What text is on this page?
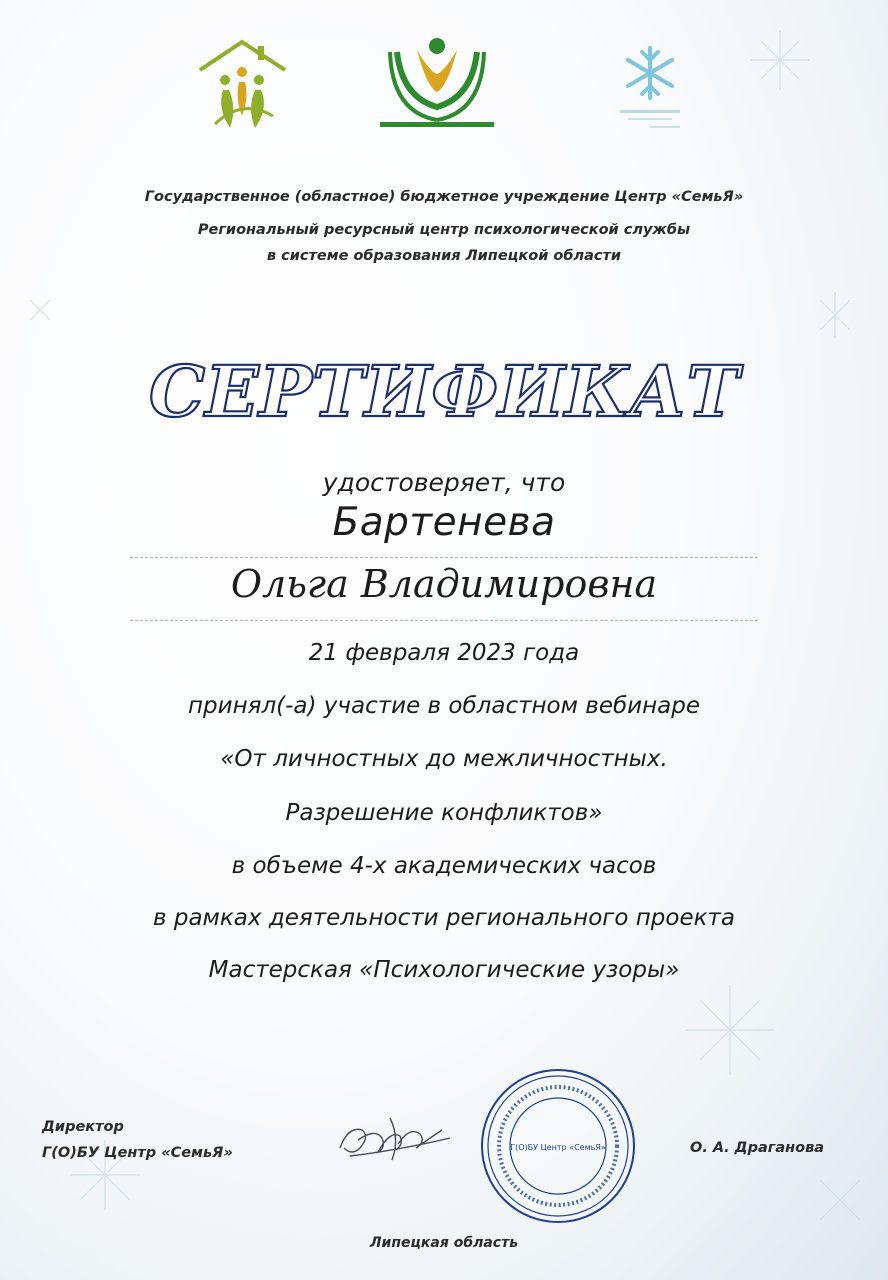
Государственное (областное) бюджетное учреждение Центр «СемьЯ»
Региональный ресурсный центр психологической службы
в системе образования Липецкой области
СЕРТИФИКАТ
удостоверяет, что
Бартенева
Ольга Владимировна
21 февраля 2023 года
принял(-а) участие в областном вебинаре
«От личностных до межличностных.
Разрешение конфликтов»
в объеме 4-х академических часов
в рамках деятельности регионального проекта
Мастерская «Психологические узоры»
Директор
Г(О)БУ Центр «СемьЯ»	Г(О)БУ Центр «СемьЯ»	О. А. Драганова
Липецкая область
